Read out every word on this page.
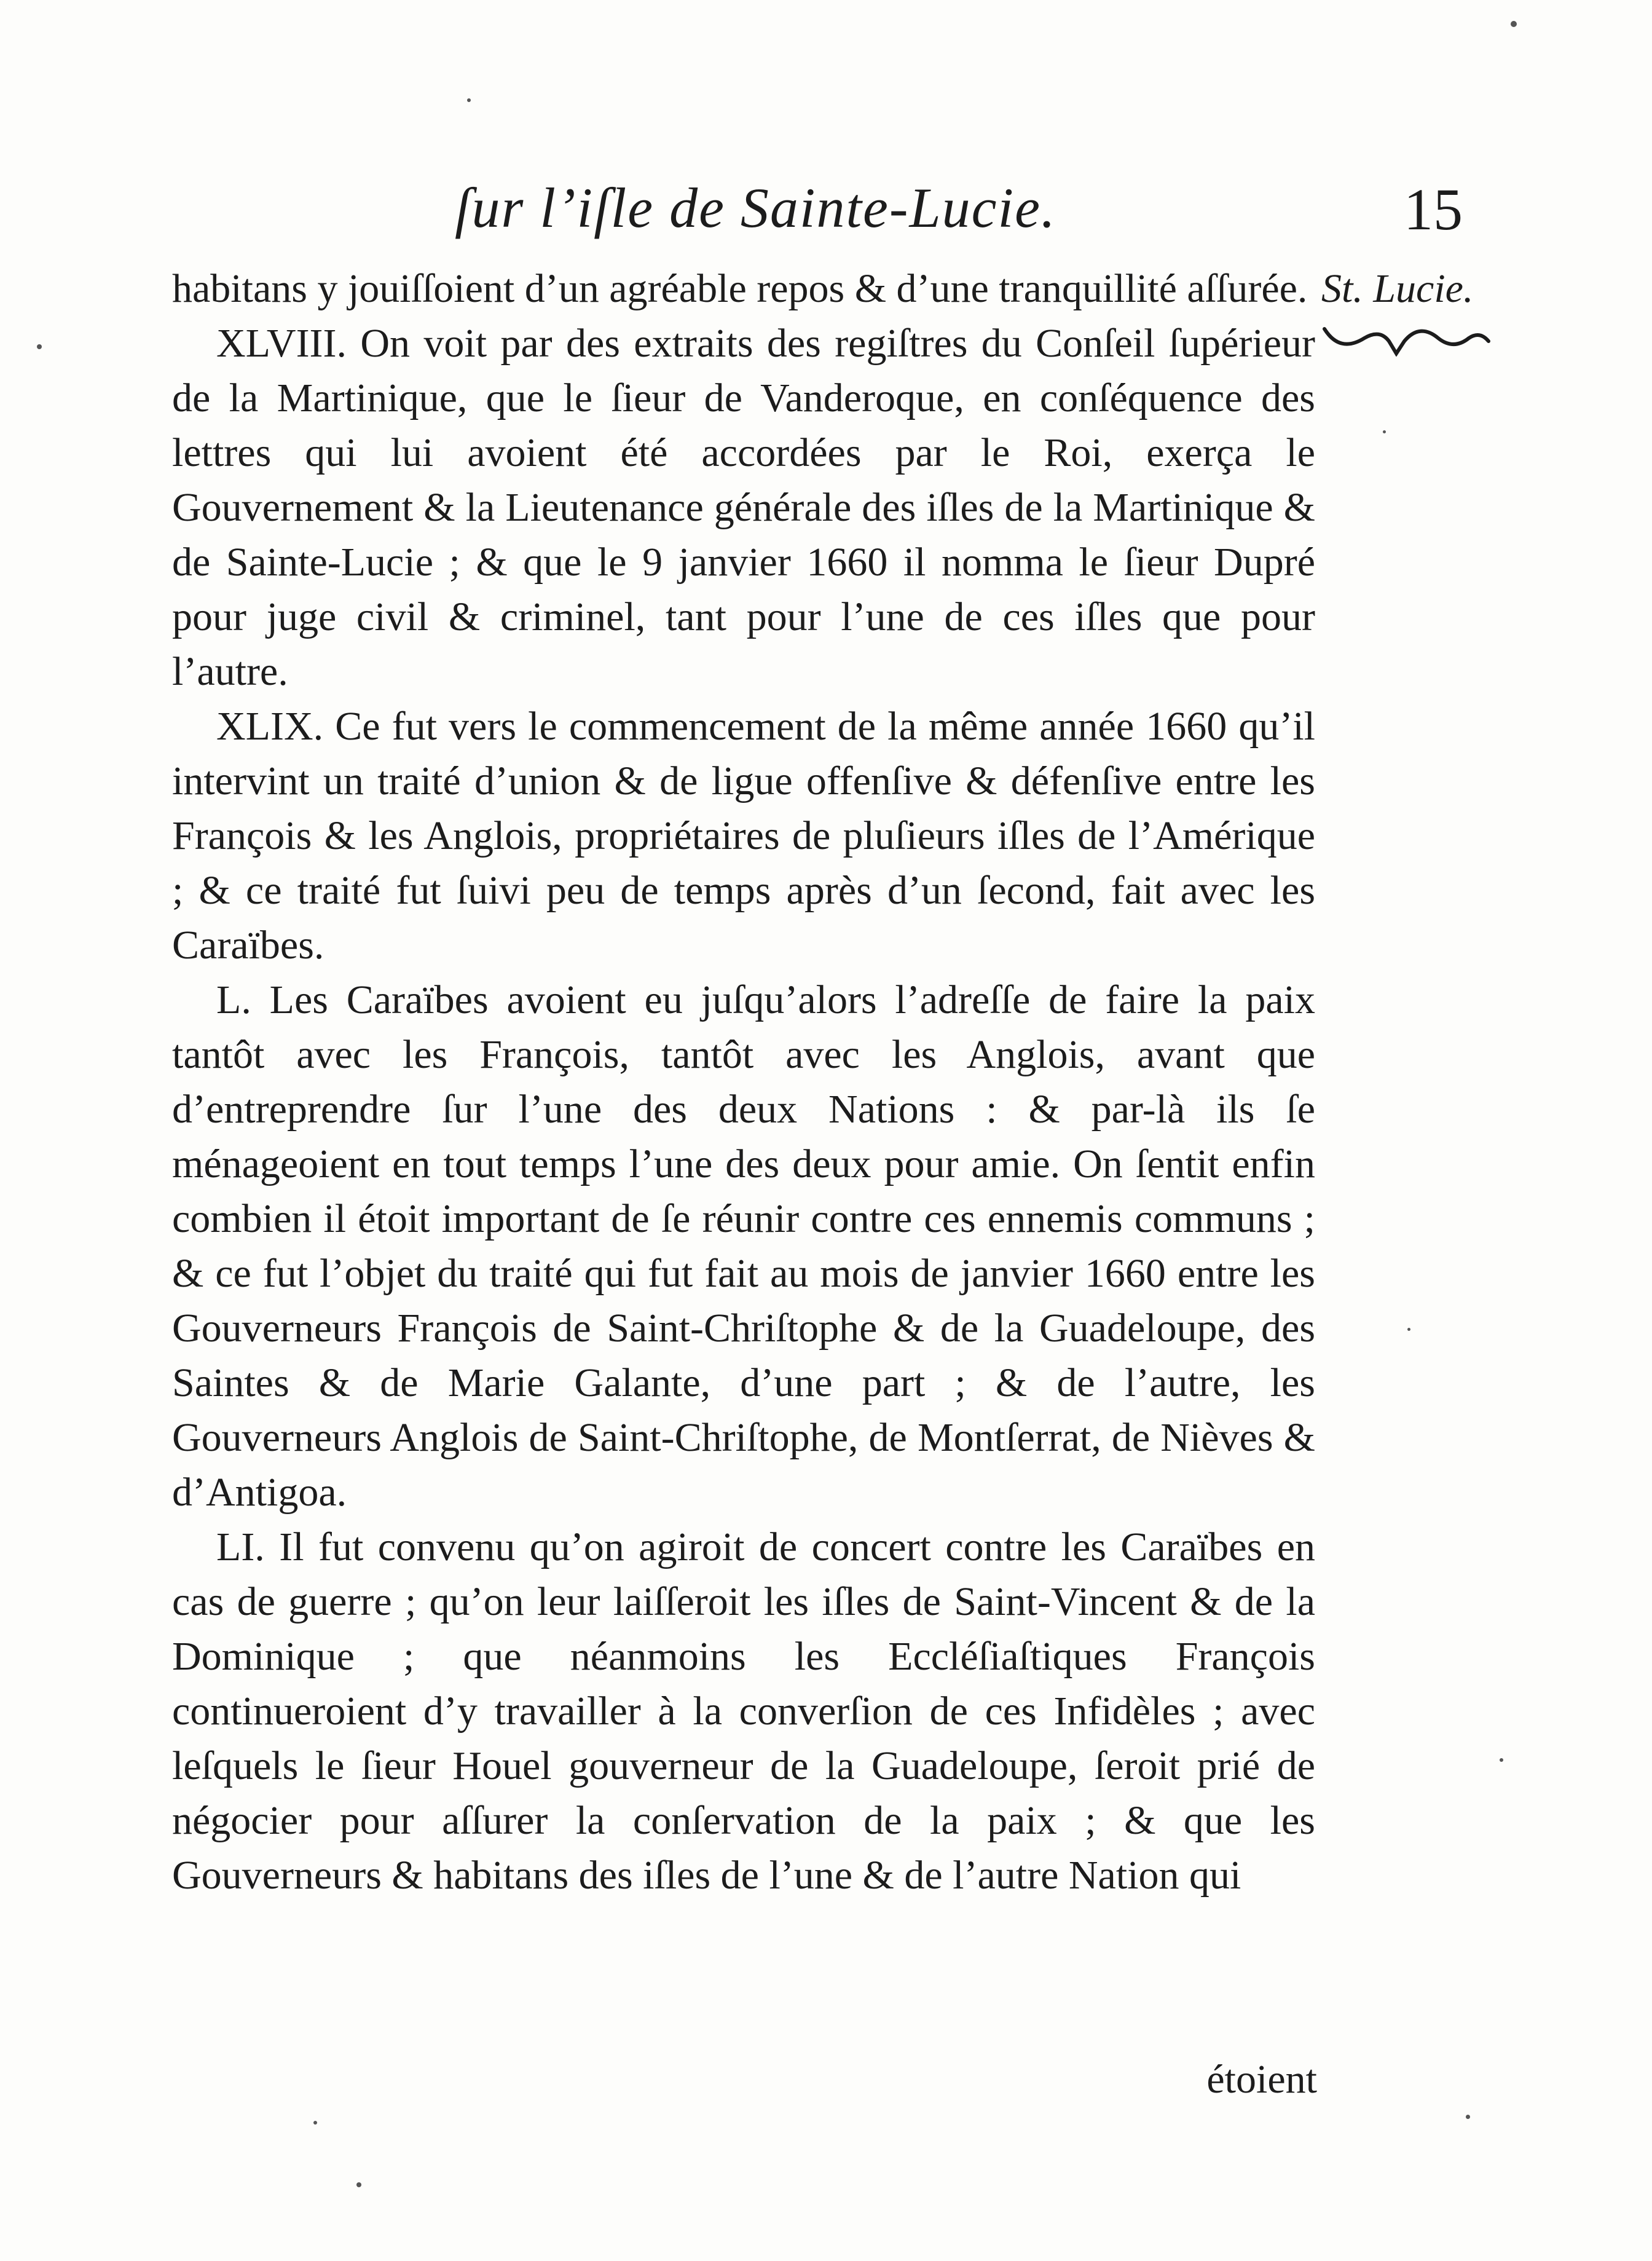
ſur l’iſle de Sainte-Lucie.	15
St. Lucie.

habitans y jouiſſoient d’un agréable repos & d’une tranquillité aſſurée.

XLVIII. On voit par des extraits des regiſtres du Conſeil ſupérieur de la Martinique, que le ſieur de Vanderoque, en conſéquence des lettres qui lui avoient été accordées par le Roi, exerça le Gouvernement & la Lieutenance générale des iſles de la Martinique & de Sainte-Lucie ; & que le 9 janvier 1660 il nomma le ſieur Dupré pour juge civil & criminel, tant pour l’une de ces iſles que pour l’autre.

XLIX. Ce fut vers le commencement de la même année 1660 qu’il intervint un traité d’union & de ligue offenſive & défenſive entre les François & les Anglois, propriétaires de pluſieurs iſles de l’Amérique ; & ce traité fut ſuivi peu de temps après d’un ſecond, fait avec les Caraïbes.

L. Les Caraïbes avoient eu juſqu’alors l’adreſſe de faire la paix tantôt avec les François, tantôt avec les Anglois, avant que d’entreprendre ſur l’une des deux Nations : & par-là ils ſe ménageoient en tout temps l’une des deux pour amie. On ſentit enfin combien il étoit important de ſe réunir contre ces ennemis communs ; & ce fut l’objet du traité qui fut fait au mois de janvier 1660 entre les Gouverneurs François de Saint-Chriſtophe & de la Guadeloupe, des Saintes & de Marie Galante, d’une part ; & de l’autre, les Gouverneurs Anglois de Saint-Chriſtophe, de Montſerrat, de Nièves & d’Antigoa.

LI. Il fut convenu qu’on agiroit de concert contre les Caraïbes en cas de guerre ; qu’on leur laiſſeroit les iſles de Saint-Vincent & de la Dominique ; que néanmoins les Eccléſiaſtiques François continueroient d’y travailler à la converſion de ces Infidèles ; avec leſquels le ſieur Houel gouverneur de la Guadeloupe, ſeroit prié de négocier pour aſſurer la conſervation de la paix ; & que les Gouverneurs & habitans des iſles de l’une & de l’autre Nation qui

étoient
